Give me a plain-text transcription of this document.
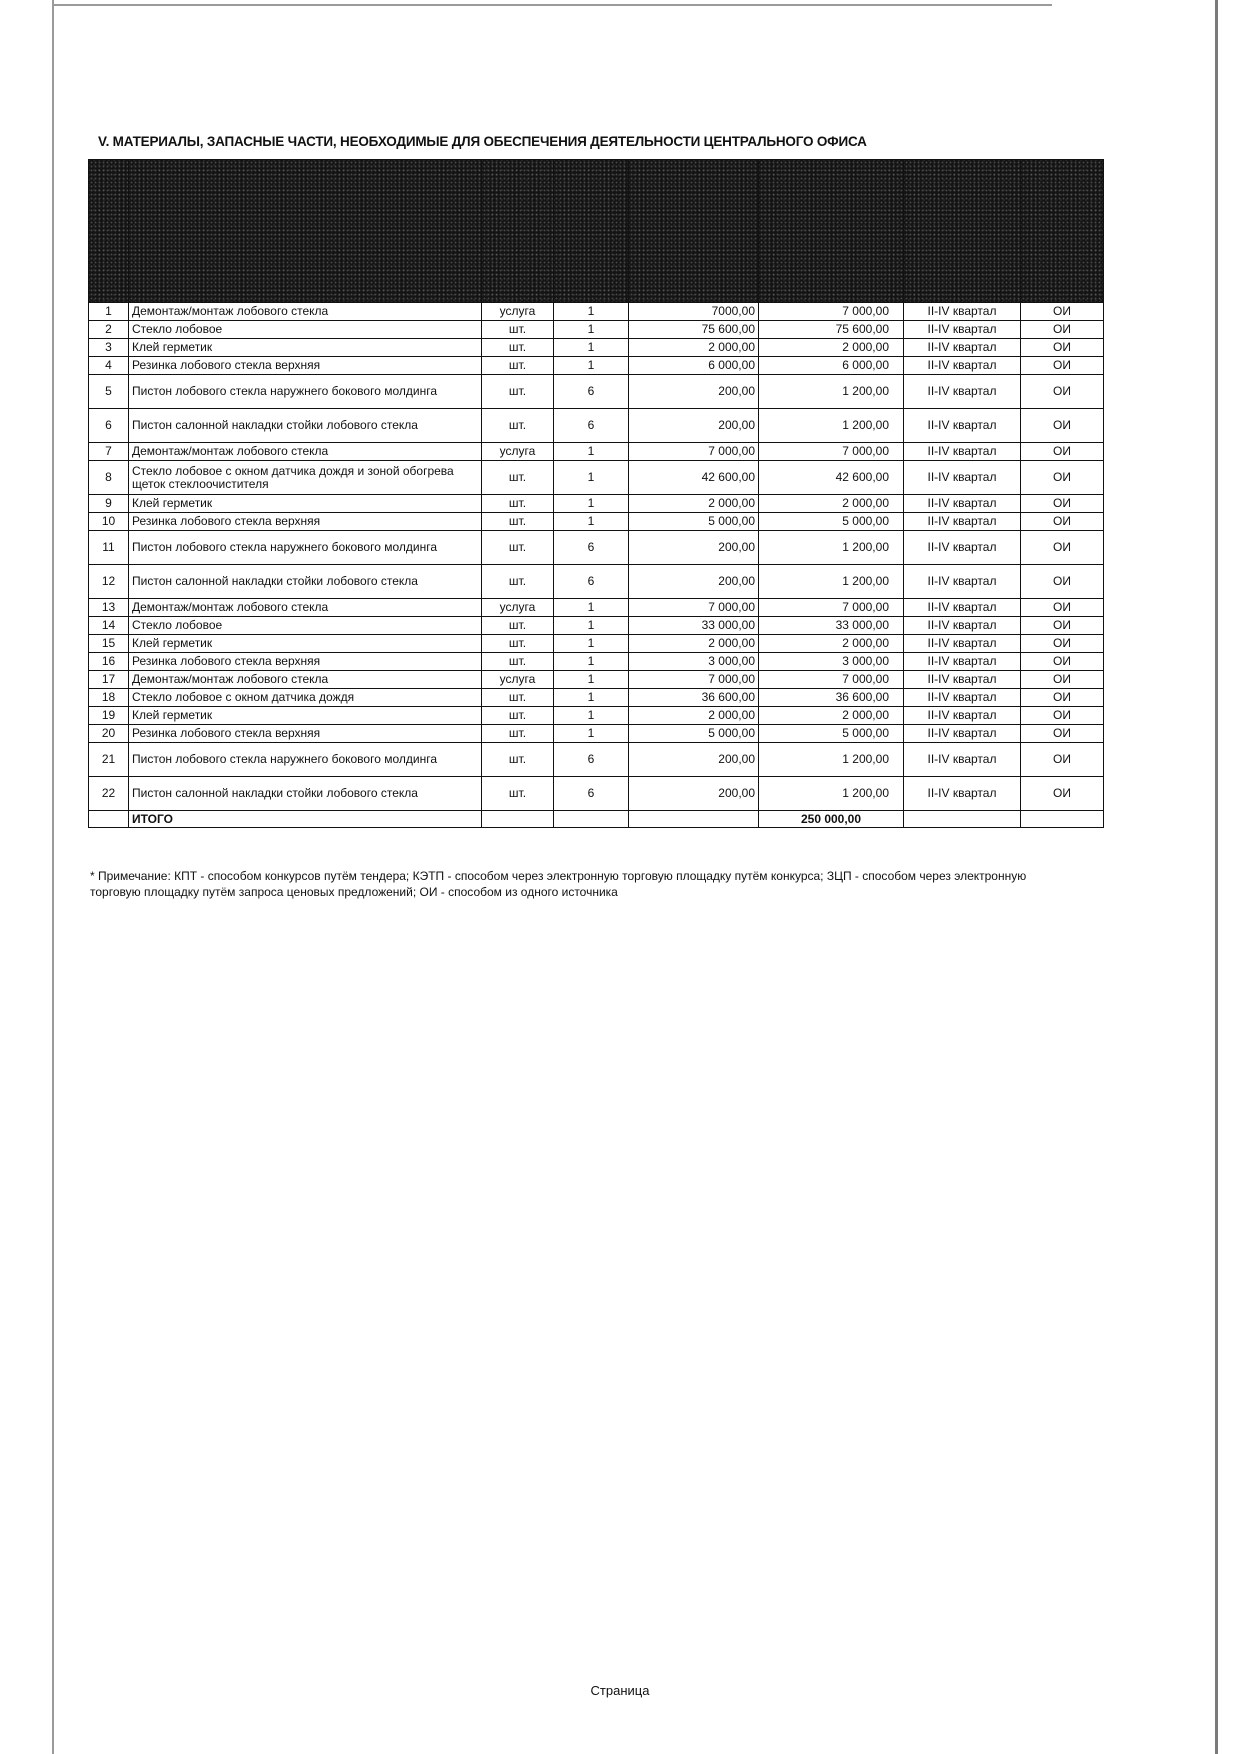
V. МАТЕРИАЛЫ, ЗАПАСНЫЕ ЧАСТИ, НЕОБХОДИМЫЕ ДЛЯ ОБЕСПЕЧЕНИЯ ДЕЯТЕЛЬНОСТИ ЦЕНТРАЛЬНОГО ОФИСА

1	Демонтаж/монтаж лобового стекла	услуга	1	7000,00	7 000,00	II-IV квартал	ОИ
2	Стекло лобовое	шт.	1	75 600,00	75 600,00	II-IV квартал	ОИ
3	Клей герметик	шт.	1	2 000,00	2 000,00	II-IV квартал	ОИ
4	Резинка лобового стекла верхняя	шт.	1	6 000,00	6 000,00	II-IV квартал	ОИ
5	Пистон лобового стекла наружнего бокового молдинга	шт.	6	200,00	1 200,00	II-IV квартал	ОИ
6	Пистон салонной накладки стойки лобового стекла	шт.	6	200,00	1 200,00	II-IV квартал	ОИ
7	Демонтаж/монтаж лобового стекла	услуга	1	7 000,00	7 000,00	II-IV квартал	ОИ
8	Стекло лобовое с окном датчика дождя и зоной обогрева щеток стеклоочистителя	шт.	1	42 600,00	42 600,00	II-IV квартал	ОИ
9	Клей герметик	шт.	1	2 000,00	2 000,00	II-IV квартал	ОИ
10	Резинка лобового стекла верхняя	шт.	1	5 000,00	5 000,00	II-IV квартал	ОИ
11	Пистон лобового стекла наружнего бокового молдинга	шт.	6	200,00	1 200,00	II-IV квартал	ОИ
12	Пистон салонной накладки стойки лобового стекла	шт.	6	200,00	1 200,00	II-IV квартал	ОИ
13	Демонтаж/монтаж лобового стекла	услуга	1	7 000,00	7 000,00	II-IV квартал	ОИ
14	Стекло лобовое	шт.	1	33 000,00	33 000,00	II-IV квартал	ОИ
15	Клей герметик	шт.	1	2 000,00	2 000,00	II-IV квартал	ОИ
16	Резинка лобового стекла верхняя	шт.	1	3 000,00	3 000,00	II-IV квартал	ОИ
17	Демонтаж/монтаж лобового стекла	услуга	1	7 000,00	7 000,00	II-IV квартал	ОИ
18	Стекло лобовое с окном датчика дождя	шт.	1	36 600,00	36 600,00	II-IV квартал	ОИ
19	Клей герметик	шт.	1	2 000,00	2 000,00	II-IV квартал	ОИ
20	Резинка лобового стекла верхняя	шт.	1	5 000,00	5 000,00	II-IV квартал	ОИ
21	Пистон лобового стекла наружнего бокового молдинга	шт.	6	200,00	1 200,00	II-IV квартал	ОИ
22	Пистон салонной накладки стойки лобового стекла	шт.	6	200,00	1 200,00	II-IV квартал	ОИ
	ИТОГО				250 000,00		
* Примечание: КПТ - способом конкурсов путём тендера; КЭТП - способом через электронную торговую площадку путём конкурса; ЗЦП - способом через электронную торговую площадку путём запроса ценовых предложений; ОИ - способом из одного источника
Страница
